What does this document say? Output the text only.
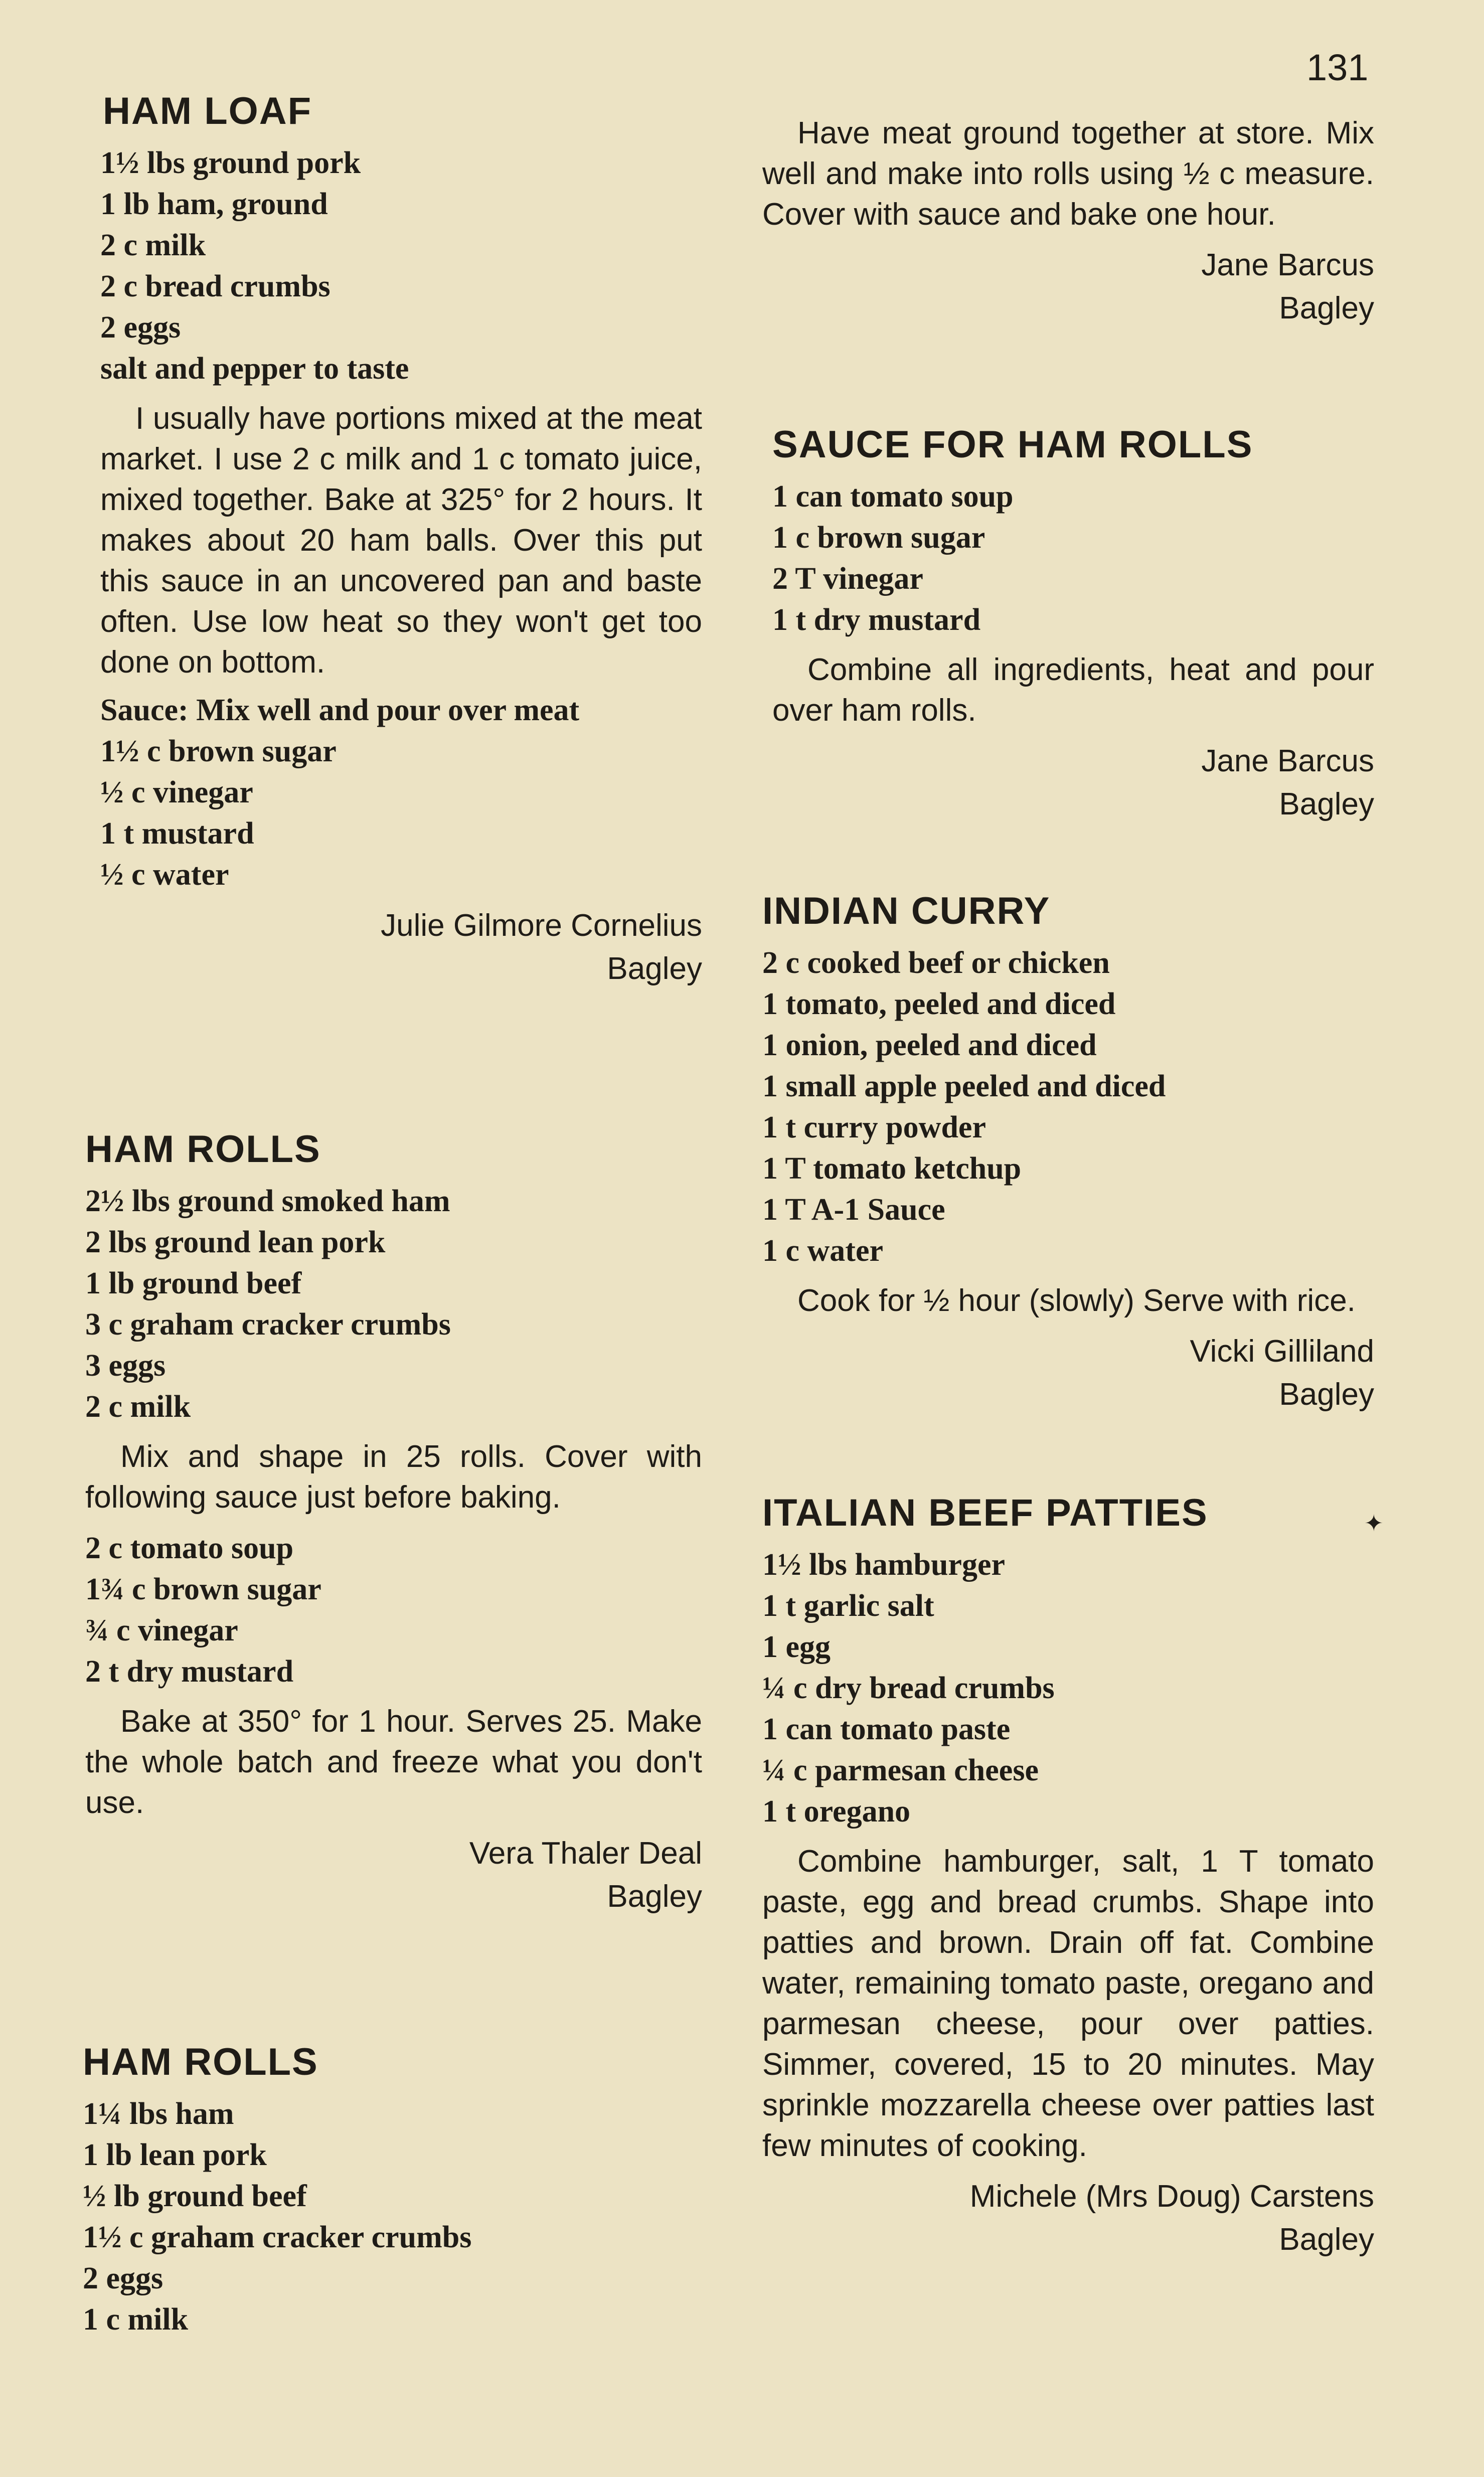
131
HAM LOAF

1½ lbs ground pork

1 lb ham, ground

2 c milk

2 c bread crumbs

2 eggs

salt and pepper to taste

I usually have portions mixed at the meat market. I use 2 c milk and 1 c tomato juice, mixed together. Bake at 325° for 2 hours. It makes about 20 ham balls. Over this put this sauce in an uncovered pan and baste often. Use low heat so they won't get too done on bottom.

Sauce: Mix well and pour over meat

1½ c brown sugar

½ c vinegar

1 t mustard

½ c water

Julie Gilmore Cornelius
Bagley
HAM ROLLS

2½ lbs ground smoked ham

2 lbs ground lean pork

1 lb ground beef

3 c graham cracker crumbs

3 eggs

2 c milk

Mix and shape in 25 rolls. Cover with following sauce just before baking.

2 c tomato soup

1¾ c brown sugar

¾ c vinegar

2 t dry mustard

Bake at 350° for 1 hour. Serves 25. Make the whole batch and freeze what you don't use.

Vera Thaler Deal
Bagley
HAM ROLLS

1¼ lbs ham

1 lb lean pork

½ lb ground beef

1½ c graham cracker crumbs

2 eggs

1 c milk

Have meat ground together at store. Mix well and make into rolls using ½ c measure. Cover with sauce and bake one hour.

Jane Barcus
Bagley
SAUCE FOR HAM ROLLS

1 can tomato soup

1 c brown sugar

2 T vinegar

1 t dry mustard

Combine all ingredients, heat and pour over ham rolls.

Jane Barcus
Bagley
INDIAN CURRY

2 c cooked beef or chicken

1 tomato, peeled and diced

1 onion, peeled and diced

1 small apple peeled and diced

1 t curry powder

1 T tomato ketchup

1 T A-1 Sauce

1 c water

Cook for ½ hour (slowly) Serve with rice.

Vicki Gilliland
Bagley
ITALIAN BEEF PATTIES

1½ lbs hamburger

1 t garlic salt

1 egg

¼ c dry bread crumbs

1 can tomato paste

¼ c parmesan cheese

1 t oregano

Combine hamburger, salt, 1 T tomato paste, egg and bread crumbs. Shape into patties and brown. Drain off fat. Combine water, remaining tomato paste, oregano and parmesan cheese, pour over patties. Simmer, covered, 15 to 20 minutes. May sprinkle mozzarella cheese over patties last few minutes of cooking.

Michele (Mrs Doug) Carstens
Bagley
✦
